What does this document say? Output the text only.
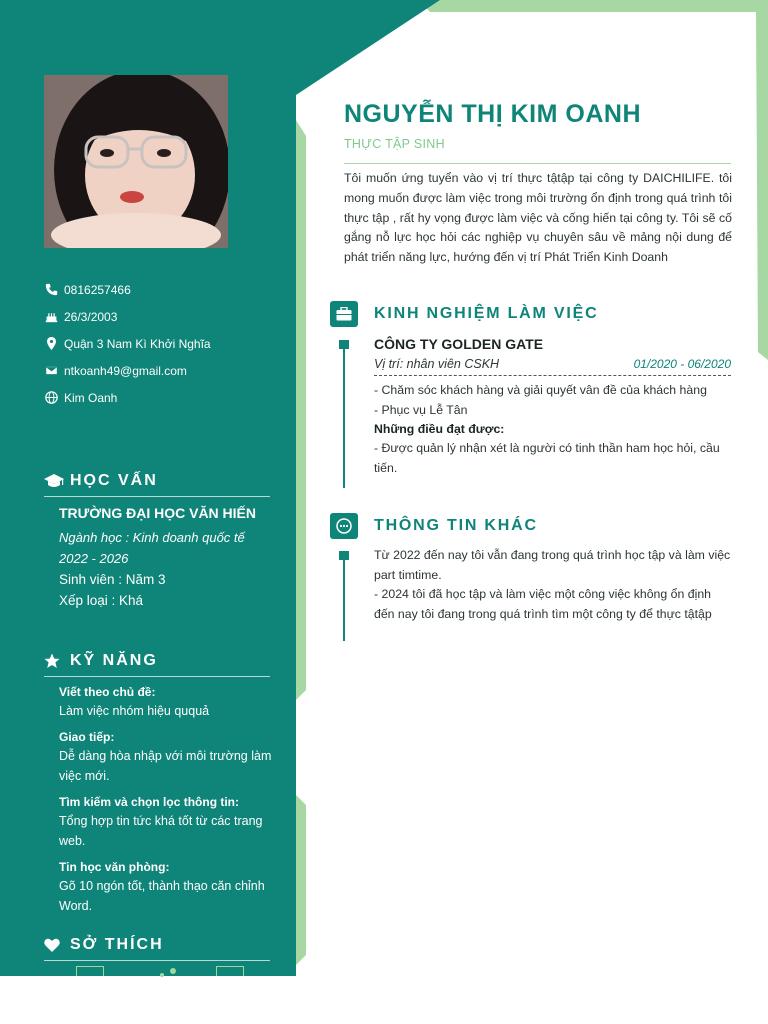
0816257466
26/3/2003
Quận 3 Nam Kì Khởi Nghĩa
ntkoanh49@gmail.com
Kim Oanh
HỌC VẤN
TRƯỜNG ĐẠI HỌC VĂN HIẾN
Ngành học : Kinh doanh quốc tế
2022 - 2026
Sinh viên : Năm 3
Xếp loại : Khá
KỸ NĂNG
Viết theo chủ đề:
Làm việc nhóm hiệu ququả
Giao tiếp:
Dễ dàng hòa nhập với môi trường làm việc mới.
Tìm kiếm và chọn lọc thông tin:
Tổng hợp tin tức khá tốt từ các trang web.
Tin học văn phòng:
Gõ 10 ngón tốt, thành thạo căn chỉnh Word.
SỞ THÍCH
NGUYỄN THỊ KIM OANH
THỰC TẬP SINH
Tôi muốn ứng tuyển vào vị trí thực tậtập tại công ty DAICHILIFE. tôi mong muốn được làm việc trong môi trường ổn định trong quá trình tôi thực tập , rất hy vọng được làm việc và cống hiến tại công ty. Tôi sẽ cố gắng nỗ lực học hỏi các nghiệp vụ chuyên sâu về mảng nội dung để phát triển năng lực, hướng đến vị trí Phát Triển Kinh Doanh
KINH NGHIỆM LÀM VIỆC
CÔNG TY GOLDEN GATE
Vị trí: nhân viên CSKH	01/2020 - 06/2020
- Chăm sóc khách hàng và giải quyết vân đề của khách hàng
- Phục vụ Lễ Tân
Những điều đạt được:
- Được quản lý nhận xét là người có tinh thần ham học hỏi, cầu tiến.
THÔNG TIN KHÁC
Từ 2022 đến nay tôi vẫn đang trong quá trình học tập và làm việc part timtime.
- 2024 tôi đã học tập và làm việc một công việc không ổn định đến nay tôi đang trong quá trình tìm một công ty để thực tậtập
